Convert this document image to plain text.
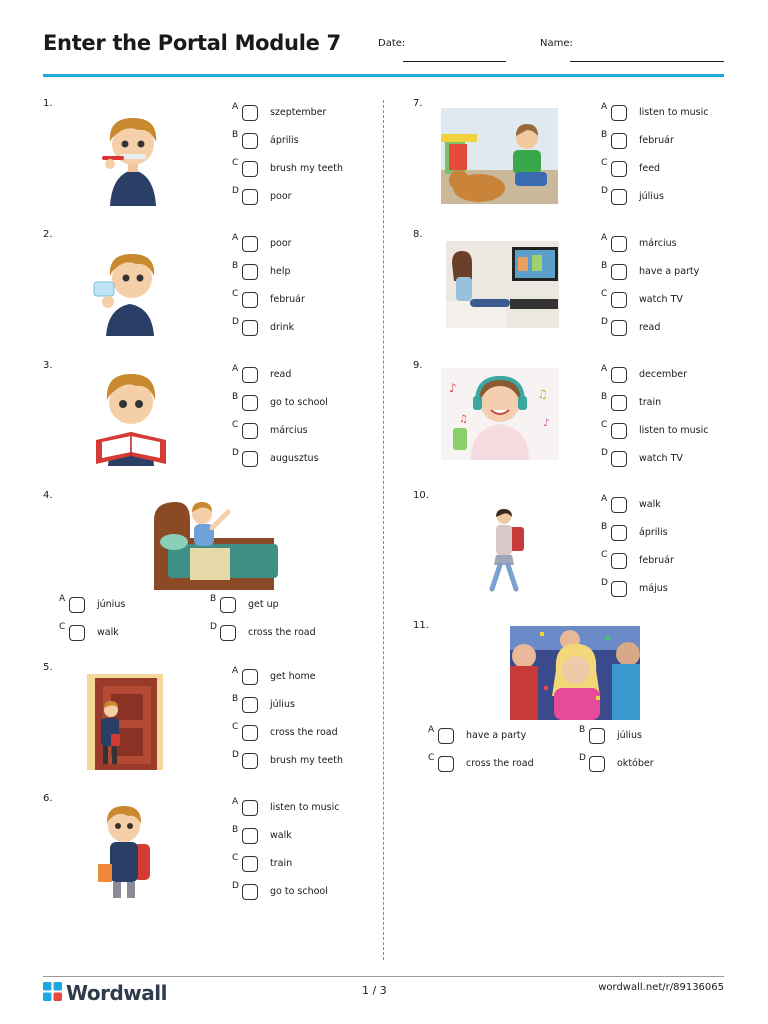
Enter the Portal Module 7	Date:	Name:
1.	A	szeptember
B	április
C	brush my teeth
D	poor
2.	A	poor
B	help
C	február
D	drink
3.	A	read
B	go to school
C	március
D	augusztus
4.
A	június	B	get up
C	walk	D	cross the road
5.	A	get home
B	július
C	cross the road
D	brush my teeth
6.	A	listen to music
B	walk
C	train
D	go to school
7.	A	listen to music
B	február
C	feed
D	július
8.	A	március
B	have a party
C	watch TV
D	read
9.
♪	♫
♫	♪
A	december
B	train
C	listen to music
D	watch TV
10.	A	walk
B	április
C	február
D	május
11.
A	have a party	B	július
C	cross the road	D	október
Wordwall	1 / 3	wordwall.net/r/89136065
